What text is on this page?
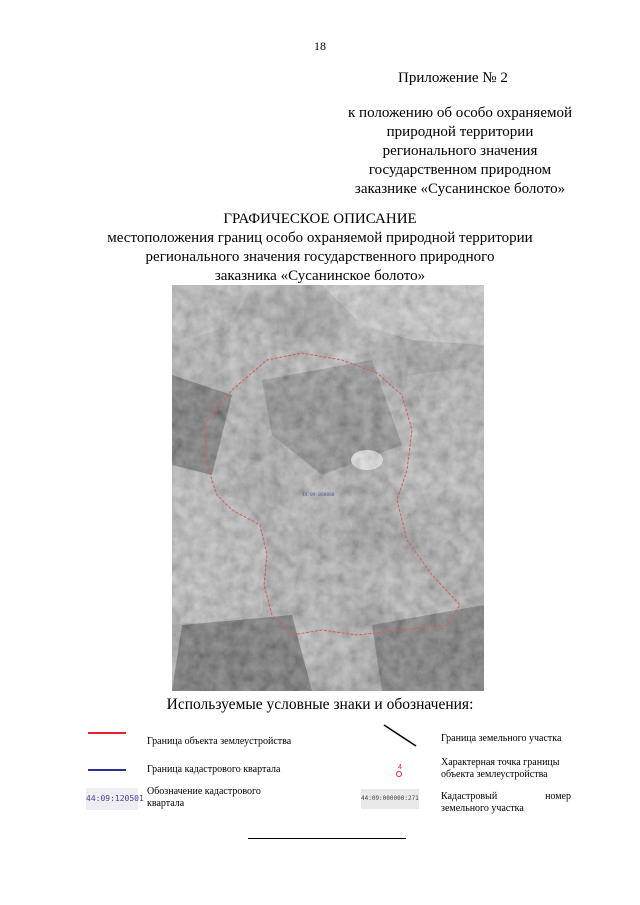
18
Приложение № 2
к положению об особо охраняемой
природной территории
регионального значения
государственном природном
заказнике «Сусанинское болото»
ГРАФИЧЕСКОЕ ОПИСАНИЕ
местоположения границ особо охраняемой природной территории
регионального значения государственного природного
заказника «Сусанинское болото»
44:09:000000
Используемые условные знаки и обозначения:
Граница объекта землеустройства
Граница кадастрового квартала
44:09:120501
Обозначение кадастрового
квартала
Граница земельного участка
4	Характерная точка границы
объекта землеустройства
44:09:000000:271 Кадастровый	номер
земельного участка
